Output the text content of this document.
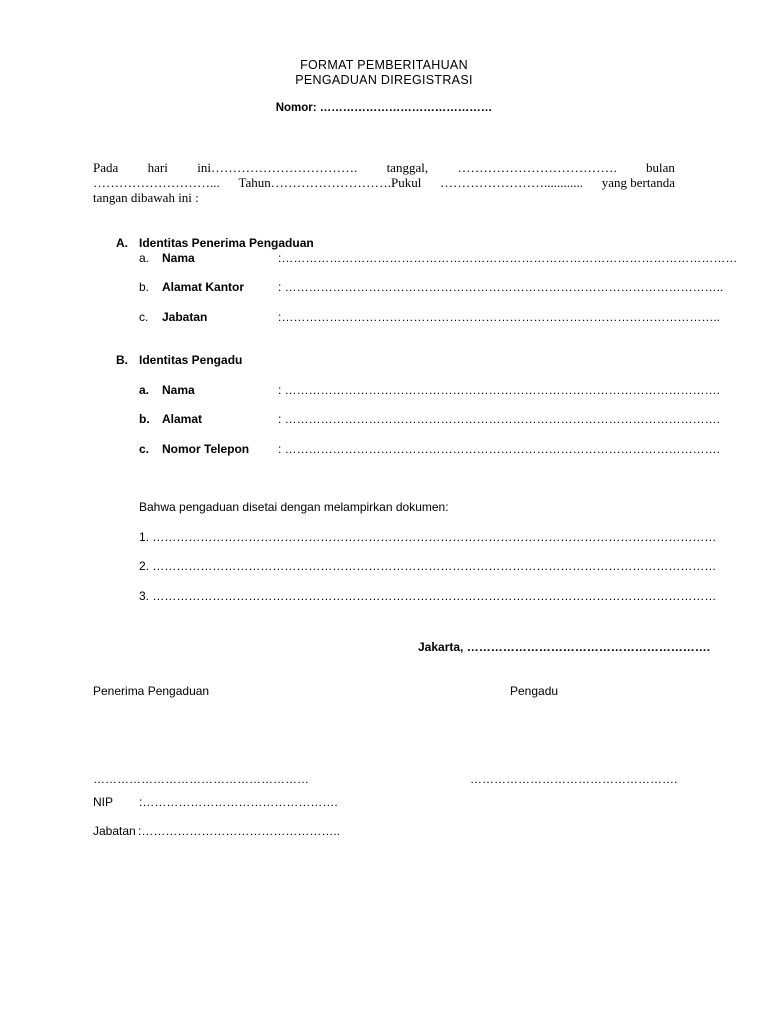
FORMAT PEMBERITAHUAN
PENGADUAN DIREGISTRASI
Nomor: ………………………………………
Pada hari ini……………………………. tanggal, ………………………………. bulan
………………………... Tahun……………………….Pukul ……………………............ yang bertanda
tangan dibawah ini :
A. Identitas Penerima Pengaduan
a. Nama	:……………………………………………………………………………………………………
b. Alamat Kantor	: ………………………………………………………………………………………………..
c. Jabatan	:………………………………………………………………………………………………..
B. Identitas Pengadu
a. Nama	: ……………………………………………………………………………………………….
b. Alamat	: ……………………………………………………………………………………………….
c. Nomor Telepon : ……………………………………………………………………………………………….
Bahwa pengaduan disetai dengan melampirkan dokumen:
1. ……………………………………………………………………………………………………………………………
2. ……………………………………………………………………………………………………………………………
3. ……………………………………………………………………………………………………………………………
Jakarta, …………………………………………………….
Penerima Pengaduan	Pengadu
………………………………………………	…………………………………………….
NIP :………………………………………….
Jabatan :…………………………………………..
